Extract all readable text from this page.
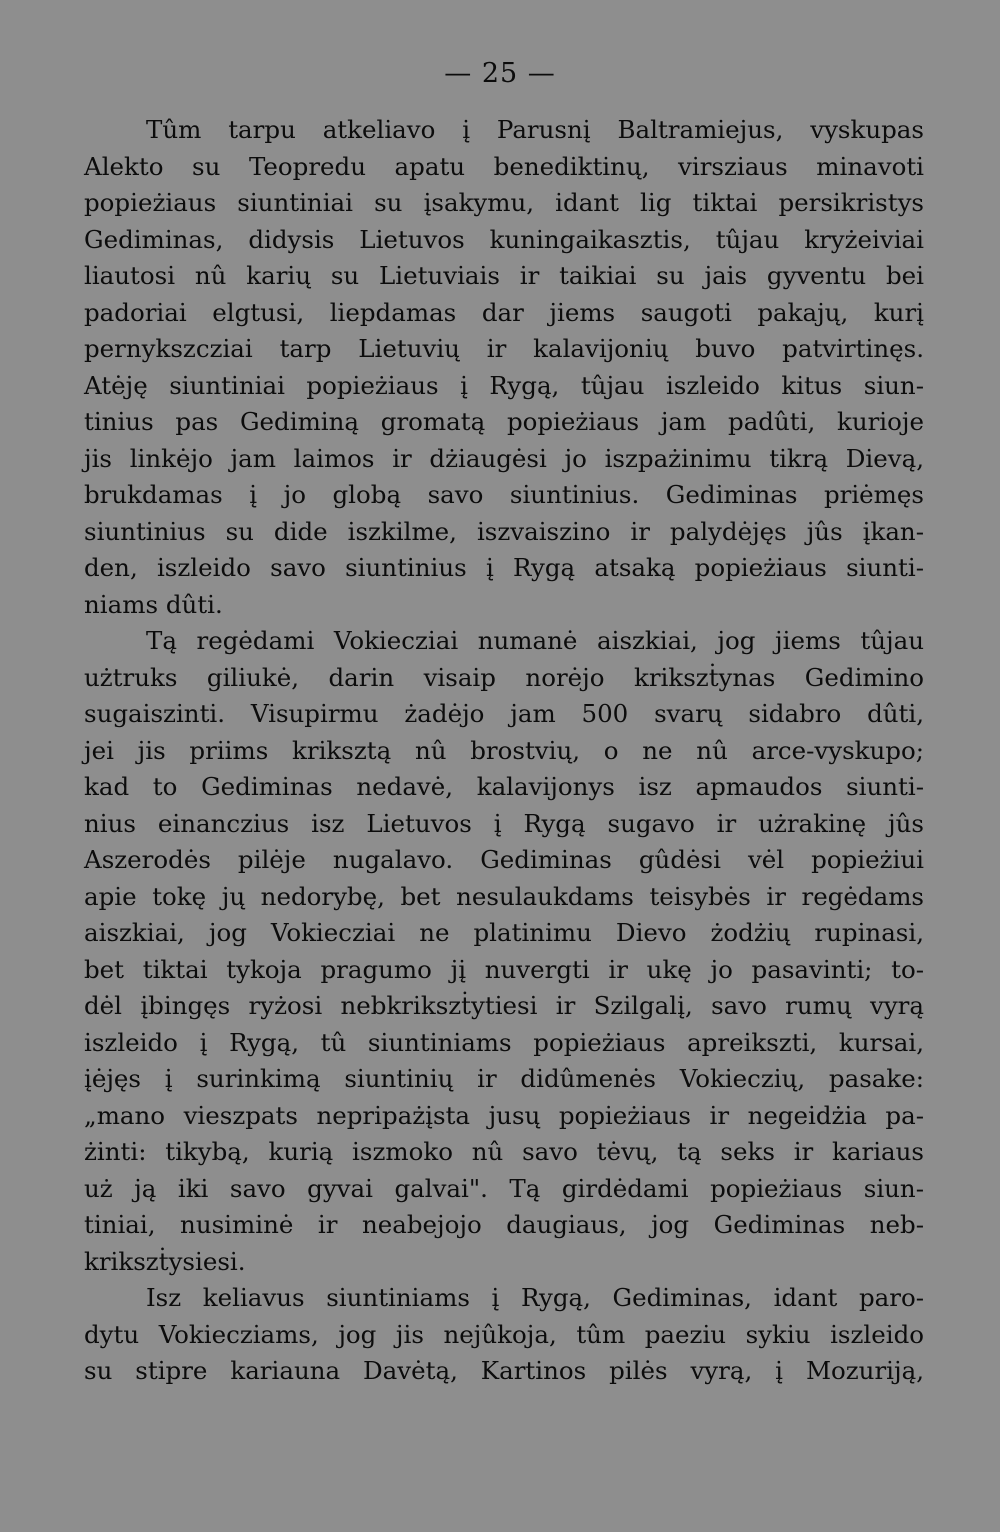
— 25 —
Tûm tarpu atkeliavo į Parusnį Baltramiejus, vyskupas
Alekto su Teopredu apatu benediktinų, virsziaus minavoti
popieżiaus siuntiniai su įsakymu, idant lig tiktai persikristys
Gediminas, didysis Lietuvos kuningaikasztis, tûjau kryżeiviai
liautosi nû karių su Lietuviais ir taikiai su jais gyventu bei
padoriai elgtusi, liepdamas dar jiems saugoti pakajų, kurį
pernykszcziai tarp Lietuvių ir kalavijonių buvo patvirtinęs.
Atėję siuntiniai popieżiaus į Rygą, tûjau iszleido kitus siun-
tinius pas Gediminą gromatą popieżiaus jam padûti, kurioje
jis linkėjo jam laimos ir dżiaugėsi jo iszpażinimu tikrą Dievą,
brukdamas į jo globą savo siuntinius. Gediminas priėmęs
siuntinius su dide iszkilme, iszvaiszino ir palydėjęs jûs įkan-
den, iszleido savo siuntinius į Rygą atsaką popieżiaus siunti-
niams dûti.
Tą regėdami Vokiecziai numanė aiszkiai, jog jiems tûjau
użtruks giliukė, darin visaip norėjo krikszṫynas Gedimino
sugaiszinti. Visupirmu żadėjo jam 500 svarų sidabro dûti,
jei jis priims kriksztą nû brostvių, o ne nû arce-vyskupo;
kad to Gediminas nedavė, kalavijonys isz apmaudos siunti-
nius einanczius isz Lietuvos į Rygą sugavo ir użrakinę jûs
Aszerodės pilėje nugalavo. Gediminas gûdėsi vėl popieżiui
apie tokę jų nedorybę, bet nesulaukdams teisybės ir regėdams
aiszkiai, jog Vokiecziai ne platinimu Dievo żodżių rupinasi,
bet tiktai tykoja pragumo jį nuvergti ir ukę jo pasavinti; to-
dėl įbingęs ryżosi nebkrikszṫytiesi ir Szilgalį, savo rumų vyrą
iszleido į Rygą, tû siuntiniams popieżiaus apreikszti, kursai,
įėjęs į surinkimą siuntinių ir didûmenės Vokieczių, pasake:
„mano vieszpats nepripażįsta jusų popieżiaus ir negeidżia pa-
żinti: tikybą, kurią iszmoko nû savo tėvų, tą seks ir kariaus
uż ją iki savo gyvai galvai". Tą girdėdami popieżiaus siun-
tiniai, nusiminė ir neabejojo daugiaus, jog Gediminas neb-
krikszṫysiesi.
Isz keliavus siuntiniams į Rygą, Gediminas, idant paro-
dytu Vokiecziams, jog jis nejûkoja, tûm paeziu sykiu iszleido
su stipre kariauna Davėtą, Kartinos pilės vyrą, į Mozuriją,
